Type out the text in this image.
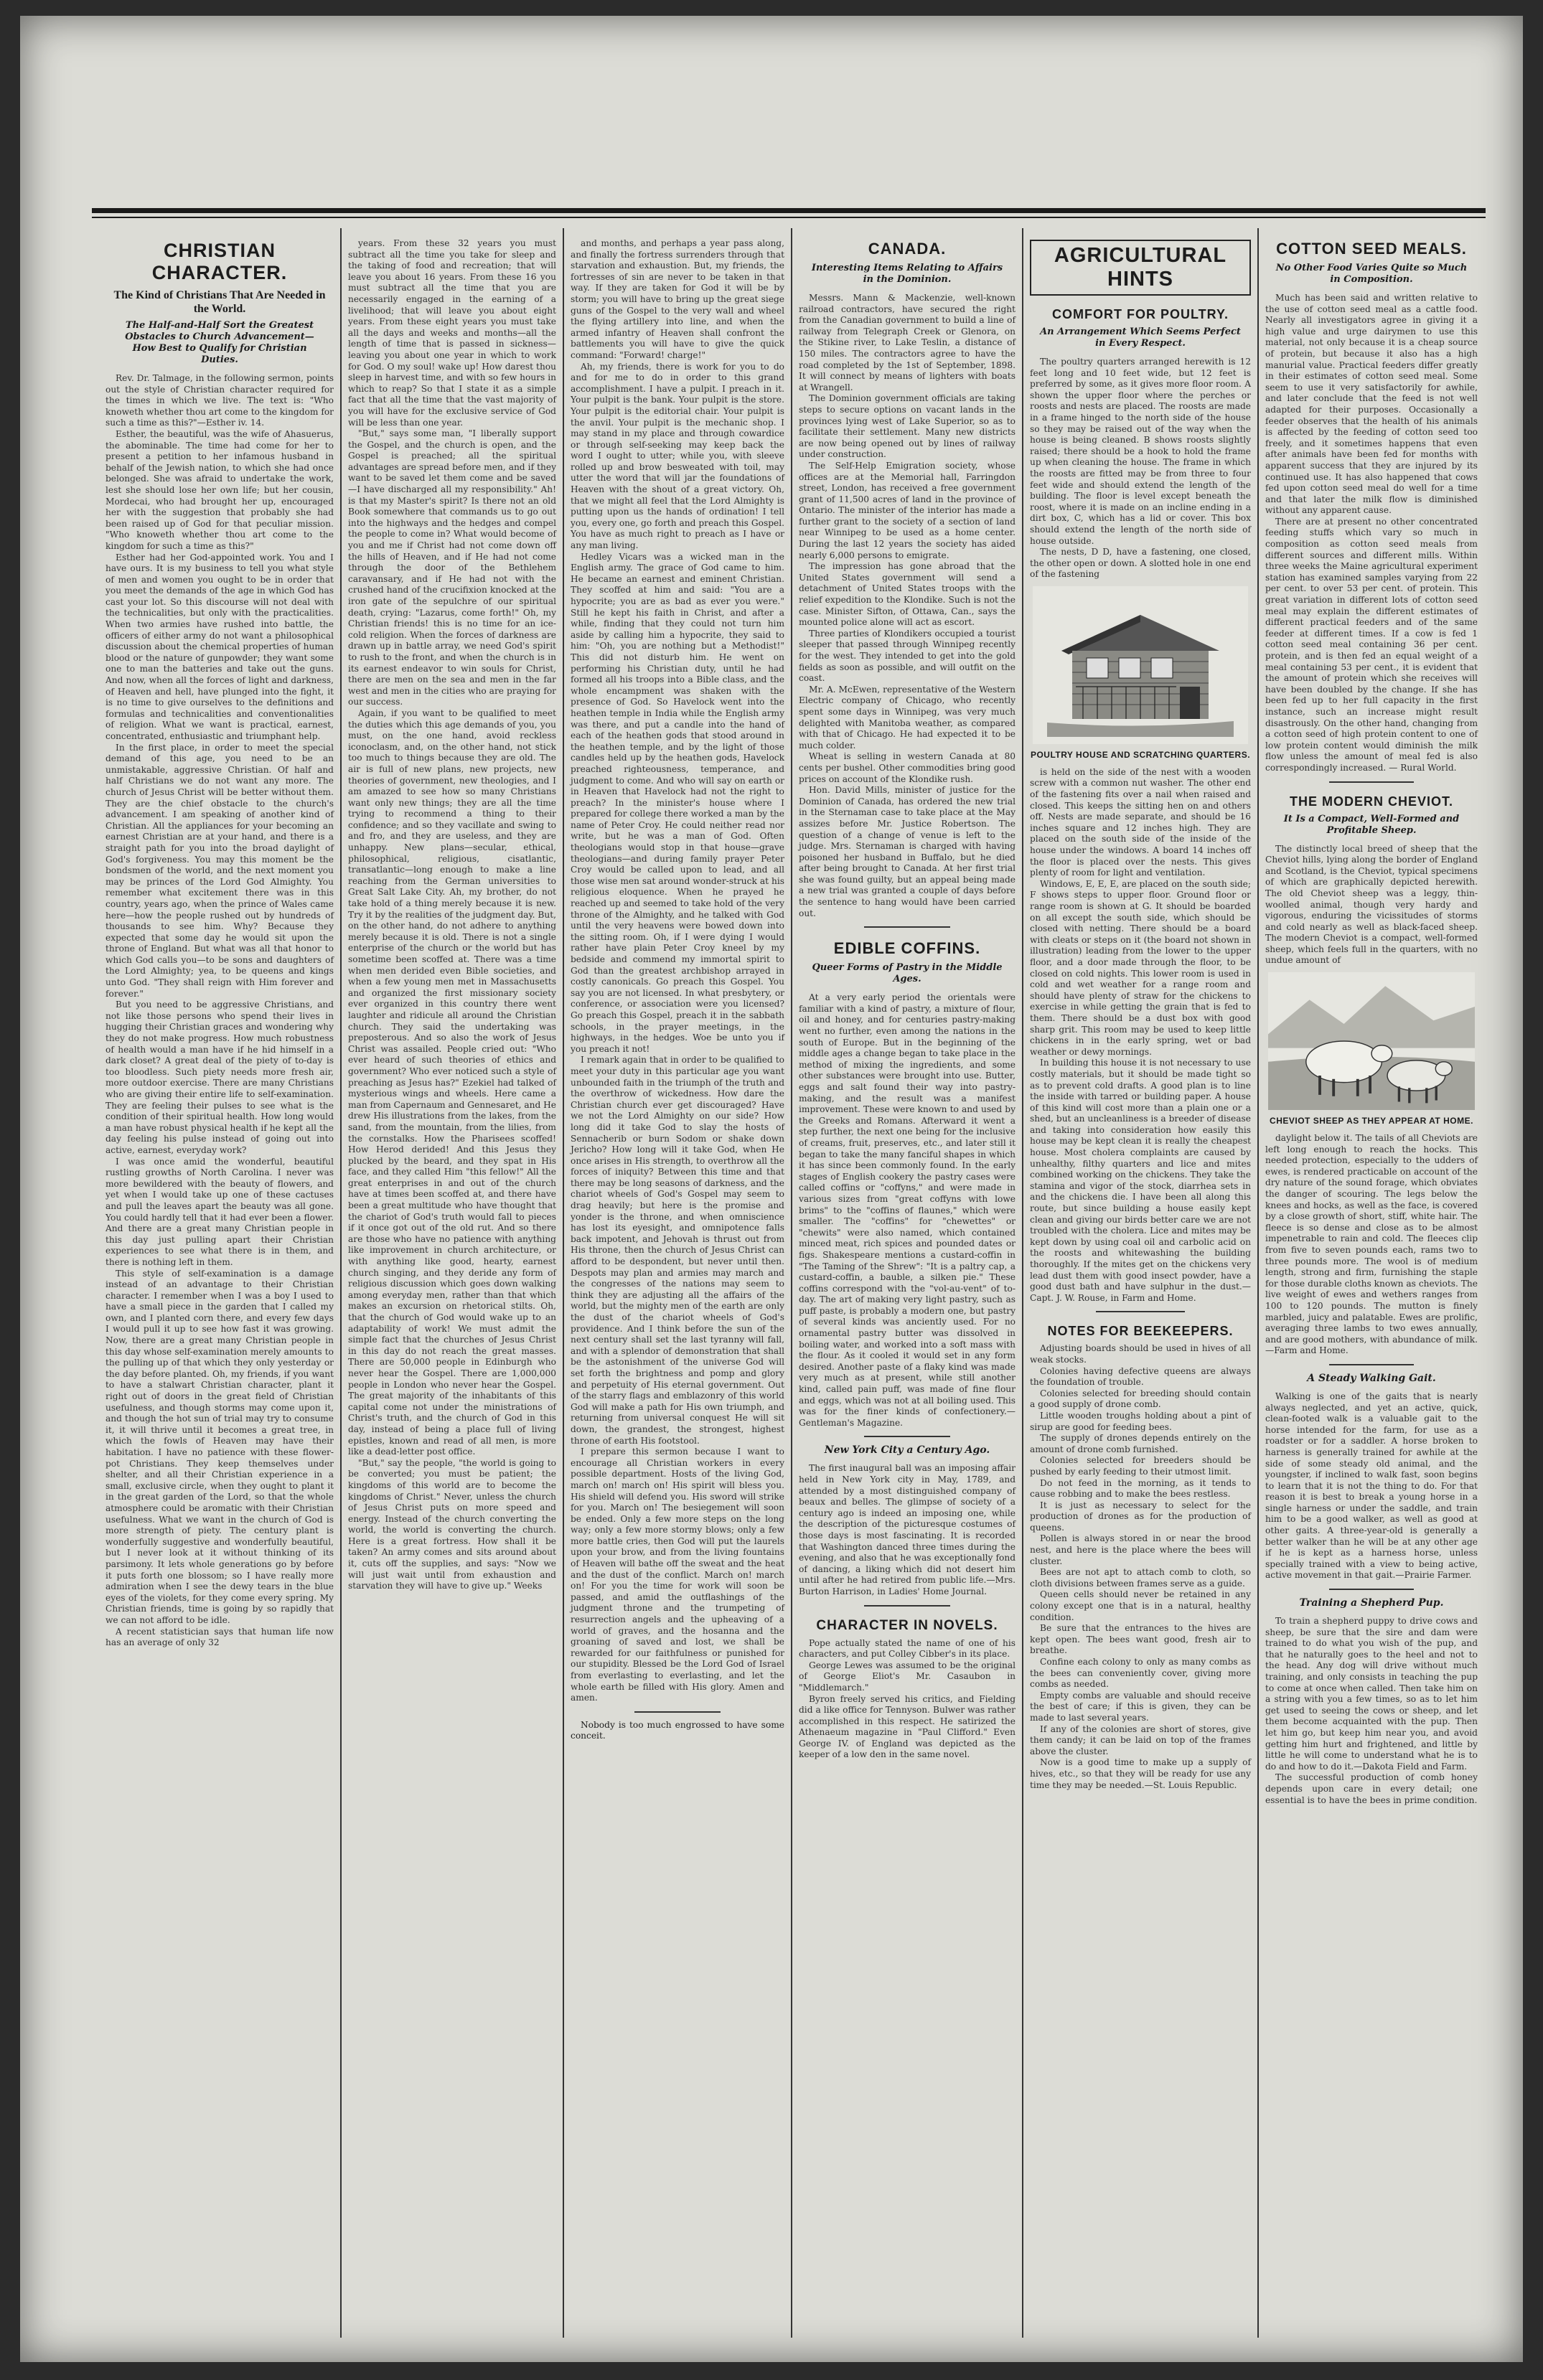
CHRISTIAN CHARACTER.
The Kind of Christians That Are Needed in the World.
The Half-and-Half Sort the Greatest Obstacles to Church Advancement—How Best to Qualify for Christian Duties.

Rev. Dr. Talmage, in the following sermon, points out the style of Christian character required for the times in which we live. The text is: "Who knoweth whether thou art come to the kingdom for such a time as this?"—Esther iv. 14.

Esther, the beautiful, was the wife of Ahasuerus, the abominable. The time had come for her to present a petition to her infamous husband in behalf of the Jewish nation, to which she had once belonged. She was afraid to undertake the work, lest she should lose her own life; but her cousin, Mordecai, who had brought her up, encouraged her with the suggestion that probably she had been raised up of God for that peculiar mission. "Who knoweth whether thou art come to the kingdom for such a time as this?"

Esther had her God-appointed work. You and I have ours. It is my business to tell you what style of men and women you ought to be in order that you meet the demands of the age in which God has cast your lot. So this discourse will not deal with the technicalities, but only with the practicalities. When two armies have rushed into battle, the officers of either army do not want a philosophical discussion about the chemical properties of human blood or the nature of gunpowder; they want some one to man the batteries and take out the guns. And now, when all the forces of light and darkness, of Heaven and hell, have plunged into the fight, it is no time to give ourselves to the definitions and formulas and technicalities and conventionalities of religion. What we want is practical, earnest, concentrated, enthusiastic and triumphant help.

In the first place, in order to meet the special demand of this age, you need to be an unmistakable, aggressive Christian. Of half and half Christians we do not want any more. The church of Jesus Christ will be better without them. They are the chief obstacle to the church's advancement. I am speaking of another kind of Christian. All the appliances for your becoming an earnest Christian are at your hand, and there is a straight path for you into the broad daylight of God's forgiveness. You may this moment be the bondsmen of the world, and the next moment you may be princes of the Lord God Almighty. You remember what excitement there was in this country, years ago, when the prince of Wales came here—how the people rushed out by hundreds of thousands to see him. Why? Because they expected that some day he would sit upon the throne of England. But what was all that honor to which God calls you—to be sons and daughters of the Lord Almighty; yea, to be queens and kings unto God. "They shall reign with Him forever and forever."

But you need to be aggressive Christians, and not like those persons who spend their lives in hugging their Christian graces and wondering why they do not make progress. How much robustness of health would a man have if he hid himself in a dark closet? A great deal of the piety of to-day is too bloodless. Such piety needs more fresh air, more outdoor exercise. There are many Christians who are giving their entire life to self-examination. They are feeling their pulses to see what is the condition of their spiritual health. How long would a man have robust physical health if he kept all the day feeling his pulse instead of going out into active, earnest, everyday work?

I was once amid the wonderful, beautiful rustling growths of North Carolina. I never was more bewildered with the beauty of flowers, and yet when I would take up one of these cactuses and pull the leaves apart the beauty was all gone. You could hardly tell that it had ever been a flower. And there are a great many Christian people in this day just pulling apart their Christian experiences to see what there is in them, and there is nothing left in them.

This style of self-examination is a damage instead of an advantage to their Christian character. I remember when I was a boy I used to have a small piece in the garden that I called my own, and I planted corn there, and every few days I would pull it up to see how fast it was growing. Now, there are a great many Christian people in this day whose self-examination merely amounts to the pulling up of that which they only yesterday or the day before planted. Oh, my friends, if you want to have a stalwart Christian character, plant it right out of doors in the great field of Christian usefulness, and though storms may come upon it, and though the hot sun of trial may try to consume it, it will thrive until it becomes a great tree, in which the fowls of Heaven may have their habitation. I have no patience with these flower-pot Christians. They keep themselves under shelter, and all their Christian experience in a small, exclusive circle, when they ought to plant it in the great garden of the Lord, so that the whole atmosphere could be aromatic with their Christian usefulness. What we want in the church of God is more strength of piety. The century plant is wonderfully suggestive and wonderfully beautiful, but I never look at it without thinking of its parsimony. It lets whole generations go by before it puts forth one blossom; so I have really more admiration when I see the dewy tears in the blue eyes of the violets, for they come every spring. My Christian friends, time is going by so rapidly that we can not afford to be idle.

A recent statistician says that human life now has an average of only 32

years. From these 32 years you must subtract all the time you take for sleep and the taking of food and recreation; that will leave you about 16 years. From these 16 you must subtract all the time that you are necessarily engaged in the earning of a livelihood; that will leave you about eight years. From these eight years you must take all the days and weeks and months—all the length of time that is passed in sickness—leaving you about one year in which to work for God. O my soul! wake up! How darest thou sleep in harvest time, and with so few hours in which to reap? So that I state it as a simple fact that all the time that the vast majority of you will have for the exclusive service of God will be less than one year.

"But," says some man, "I liberally support the Gospel, and the church is open, and the Gospel is preached; all the spiritual advantages are spread before men, and if they want to be saved let them come and be saved—I have discharged all my responsibility." Ah! is that my Master's spirit? Is there not an old Book somewhere that commands us to go out into the highways and the hedges and compel the people to come in? What would become of you and me if Christ had not come down off the hills of Heaven, and if He had not come through the door of the Bethlehem caravansary, and if He had not with the crushed hand of the crucifixion knocked at the iron gate of the sepulchre of our spiritual death, crying: "Lazarus, come forth!" Oh, my Christian friends! this is no time for an ice-cold religion. When the forces of darkness are drawn up in battle array, we need God's spirit to rush to the front, and when the church is in its earnest endeavor to win souls for Christ, there are men on the sea and men in the far west and men in the cities who are praying for our success.

Again, if you want to be qualified to meet the duties which this age demands of you, you must, on the one hand, avoid reckless iconoclasm, and, on the other hand, not stick too much to things because they are old. The air is full of new plans, new projects, new theories of government, new theologies, and I am amazed to see how so many Christians want only new things; they are all the time trying to recommend a thing to their confidence; and so they vacillate and swing to and fro, and they are useless, and they are unhappy. New plans—secular, ethical, philosophical, religious, cisatlantic, transatlantic—long enough to make a line reaching from the German universities to Great Salt Lake City. Ah, my brother, do not take hold of a thing merely because it is new. Try it by the realities of the judgment day. But, on the other hand, do not adhere to anything merely because it is old. There is not a single enterprise of the church or the world but has sometime been scoffed at. There was a time when men derided even Bible societies, and when a few young men met in Massachusetts and organized the first missionary society ever organized in this country there went laughter and ridicule all around the Christian church. They said the undertaking was preposterous. And so also the work of Jesus Christ was assailed. People cried out: "Who ever heard of such theories of ethics and government? Who ever noticed such a style of preaching as Jesus has?" Ezekiel had talked of mysterious wings and wheels. Here came a man from Capernaum and Gennesaret, and He drew His illustrations from the lakes, from the sand, from the mountain, from the lilies, from the cornstalks. How the Pharisees scoffed! How Herod derided! And this Jesus they plucked by the beard, and they spat in His face, and they called Him "this fellow!" All the great enterprises in and out of the church have at times been scoffed at, and there have been a great multitude who have thought that the chariot of God's truth would fall to pieces if it once got out of the old rut. And so there are those who have no patience with anything like improvement in church architecture, or with anything like good, hearty, earnest church singing, and they deride any form of religious discussion which goes down walking among everyday men, rather than that which makes an excursion on rhetorical stilts. Oh, that the church of God would wake up to an adaptability of work! We must admit the simple fact that the churches of Jesus Christ in this day do not reach the great masses. There are 50,000 people in Edinburgh who never hear the Gospel. There are 1,000,000 people in London who never hear the Gospel. The great majority of the inhabitants of this capital come not under the ministrations of Christ's truth, and the church of God in this day, instead of being a place full of living epistles, known and read of all men, is more like a dead-letter post office.

"But," say the people, "the world is going to be converted; you must be patient; the kingdoms of this world are to become the kingdoms of Christ." Never, unless the church of Jesus Christ puts on more speed and energy. Instead of the church converting the world, the world is converting the church. Here is a great fortress. How shall it be taken? An army comes and sits around about it, cuts off the supplies, and says: "Now we will just wait until from exhaustion and starvation they will have to give up." Weeks

and months, and perhaps a year pass along, and finally the fortress surrenders through that starvation and exhaustion. But, my friends, the fortresses of sin are never to be taken in that way. If they are taken for God it will be by storm; you will have to bring up the great siege guns of the Gospel to the very wall and wheel the flying artillery into line, and when the armed infantry of Heaven shall confront the battlements you will have to give the quick command: "Forward! charge!"

Ah, my friends, there is work for you to do and for me to do in order to this grand accomplishment. I have a pulpit. I preach in it. Your pulpit is the bank. Your pulpit is the store. Your pulpit is the editorial chair. Your pulpit is the anvil. Your pulpit is the mechanic shop. I may stand in my place and through cowardice or through self-seeking may keep back the word I ought to utter; while you, with sleeve rolled up and brow besweated with toil, may utter the word that will jar the foundations of Heaven with the shout of a great victory. Oh, that we might all feel that the Lord Almighty is putting upon us the hands of ordination! I tell you, every one, go forth and preach this Gospel. You have as much right to preach as I have or any man living.

Hedley Vicars was a wicked man in the English army. The grace of God came to him. He became an earnest and eminent Christian. They scoffed at him and said: "You are a hypocrite; you are as bad as ever you were." Still he kept his faith in Christ, and after a while, finding that they could not turn him aside by calling him a hypocrite, they said to him: "Oh, you are nothing but a Methodist!" This did not disturb him. He went on performing his Christian duty, until he had formed all his troops into a Bible class, and the whole encampment was shaken with the presence of God. So Havelock went into the heathen temple in India while the English army was there, and put a candle into the hand of each of the heathen gods that stood around in the heathen temple, and by the light of those candles held up by the heathen gods, Havelock preached righteousness, temperance, and judgment to come. And who will say on earth or in Heaven that Havelock had not the right to preach? In the minister's house where I prepared for college there worked a man by the name of Peter Croy. He could neither read nor write, but he was a man of God. Often theologians would stop in that house—grave theologians—and during family prayer Peter Croy would be called upon to lead, and all those wise men sat around wonder-struck at his religious eloquence. When he prayed he reached up and seemed to take hold of the very throne of the Almighty, and he talked with God until the very heavens were bowed down into the sitting room. Oh, if I were dying I would rather have plain Peter Croy kneel by my bedside and commend my immortal spirit to God than the greatest archbishop arrayed in costly canonicals. Go preach this Gospel. You say you are not licensed. In what presbytery, or conference, or association were you licensed? Go preach this Gospel, preach it in the sabbath schools, in the prayer meetings, in the highways, in the hedges. Woe be unto you if you preach it not!

I remark again that in order to be qualified to meet your duty in this particular age you want unbounded faith in the triumph of the truth and the overthrow of wickedness. How dare the Christian church ever get discouraged? Have we not the Lord Almighty on our side? How long did it take God to slay the hosts of Sennacherib or burn Sodom or shake down Jericho? How long will it take God, when He once arises in His strength, to overthrow all the forces of iniquity? Between this time and that there may be long seasons of darkness, and the chariot wheels of God's Gospel may seem to drag heavily; but here is the promise and yonder is the throne, and when omniscience has lost its eyesight, and omnipotence falls back impotent, and Jehovah is thrust out from His throne, then the church of Jesus Christ can afford to be despondent, but never until then. Despots may plan and armies may march and the congresses of the nations may seem to think they are adjusting all the affairs of the world, but the mighty men of the earth are only the dust of the chariot wheels of God's providence. And I think before the sun of the next century shall set the last tyranny will fall, and with a splendor of demonstration that shall be the astonishment of the universe God will set forth the brightness and pomp and glory and perpetuity of His eternal government. Out of the starry flags and emblazonry of this world God will make a path for His own triumph, and returning from universal conquest He will sit down, the grandest, the strongest, highest throne of earth His footstool.

I prepare this sermon because I want to encourage all Christian workers in every possible department. Hosts of the living God, march on! march on! His spirit will bless you. His shield will defend you. His sword will strike for you. March on! The besiegement will soon be ended. Only a few more steps on the long way; only a few more stormy blows; only a few more battle cries, then God will put the laurels upon your brow, and from the living fountains of Heaven will bathe off the sweat and the heat and the dust of the conflict. March on! march on! For you the time for work will soon be passed, and amid the outflashings of the judgment throne and the trumpeting of resurrection angels and the upheaving of a world of graves, and the hosanna and the groaning of saved and lost, we shall be rewarded for our faithfulness or punished for our stupidity. Blessed be the Lord God of Israel from everlasting to everlasting, and let the whole earth be filled with His glory. Amen and amen.

Nobody is too much engrossed to have some conceit.

CANADA.
Interesting Items Relating to Affairs in the Dominion.

Messrs. Mann & Mackenzie, well-known railroad contractors, have secured the right from the Canadian government to build a line of railway from Telegraph Creek or Glenora, on the Stikine river, to Lake Teslin, a distance of 150 miles. The contractors agree to have the road completed by the 1st of September, 1898. It will connect by means of lighters with boats at Wrangell.

The Dominion government officials are taking steps to secure options on vacant lands in the provinces lying west of Lake Superior, so as to facilitate their settlement. Many new districts are now being opened out by lines of railway under construction.

The Self-Help Emigration society, whose offices are at the Memorial hall, Farringdon street, London, has received a free government grant of 11,500 acres of land in the province of Ontario. The minister of the interior has made a further grant to the society of a section of land near Winnipeg to be used as a home center. During the last 12 years the society has aided nearly 6,000 persons to emigrate.

The impression has gone abroad that the United States government will send a detachment of United States troops with the relief expedition to the Klondike. Such is not the case. Minister Sifton, of Ottawa, Can., says the mounted police alone will act as escort.

Three parties of Klondikers occupied a tourist sleeper that passed through Winnipeg recently for the west. They intended to get into the gold fields as soon as possible, and will outfit on the coast.

Mr. A. McEwen, representative of the Western Electric company of Chicago, who recently spent some days in Winnipeg, was very much delighted with Manitoba weather, as compared with that of Chicago. He had expected it to be much colder.

Wheat is selling in western Canada at 80 cents per bushel. Other commodities bring good prices on account of the Klondike rush.

Hon. David Mills, minister of justice for the Dominion of Canada, has ordered the new trial in the Sternaman case to take place at the May assizes before Mr. Justice Robertson. The question of a change of venue is left to the judge. Mrs. Sternaman is charged with having poisoned her husband in Buffalo, but he died after being brought to Canada. At her first trial she was found guilty, but an appeal being made a new trial was granted a couple of days before the sentence to hang would have been carried out.

EDIBLE COFFINS.
Queer Forms of Pastry in the Middle Ages.

At a very early period the orientals were familiar with a kind of pastry, a mixture of flour, oil and honey, and for centuries pastry-making went no further, even among the nations in the south of Europe. But in the beginning of the middle ages a change began to take place in the method of mixing the ingredients, and some other substances were brought into use. Butter, eggs and salt found their way into pastry-making, and the result was a manifest improvement. These were known to and used by the Greeks and Romans. Afterward it went a step further, the next one being for the inclusive of creams, fruit, preserves, etc., and later still it began to take the many fanciful shapes in which it has since been commonly found. In the early stages of English cookery the pastry cases were called coffins or "coffyns," and were made in various sizes from "great coffyns with lowe brims" to the "coffins of flaunes," which were smaller. The "coffins" for "chewettes" or "chewits" were also named, which contained minced meat, rich spices and pounded dates or figs. Shakespeare mentions a custard-coffin in "The Taming of the Shrew": "It is a paltry cap, a custard-coffin, a bauble, a silken pie." These coffins correspond with the "vol-au-vent" of to-day. The art of making very light pastry, such as puff paste, is probably a modern one, but pastry of several kinds was anciently used. For no ornamental pastry butter was dissolved in boiling water, and worked into a soft mass with the flour. As it cooled it would set in any form desired. Another paste of a flaky kind was made very much as at present, while still another kind, called pain puff, was made of fine flour and eggs, which was not at all boiling used. This was for the finer kinds of confectionery.—Gentleman's Magazine.

New York City a Century Ago.

The first inaugural ball was an imposing affair held in New York city in May, 1789, and attended by a most distinguished company of beaux and belles. The glimpse of society of a century ago is indeed an imposing one, while the description of the picturesque costumes of those days is most fascinating. It is recorded that Washington danced three times during the evening, and also that he was exceptionally fond of dancing, a liking which did not desert him until after he had retired from public life.—Mrs. Burton Harrison, in Ladies' Home Journal.

CHARACTER IN NOVELS.

Pope actually stated the name of one of his characters, and put Colley Cibber's in its place.

George Lewes was assumed to be the original of George Eliot's Mr. Casaubon in "Middlemarch."

Byron freely served his critics, and Fielding did a like office for Tennyson. Bulwer was rather accomplished in this respect. He satirized the Athenaeum magazine in "Paul Clifford." Even George IV. of England was depicted as the keeper of a low den in the same novel.

AGRICULTURAL HINTS
COMFORT FOR POULTRY.
An Arrangement Which Seems Perfect in Every Respect.

The poultry quarters arranged herewith is 12 feet long and 10 feet wide, but 12 feet is preferred by some, as it gives more floor room. A shown the upper floor where the perches or roosts and nests are placed. The roosts are made in a frame hinged to the north side of the house so they may be raised out of the way when the house is being cleaned. B shows roosts slightly raised; there should be a hook to hold the frame up when cleaning the house. The frame in which the roosts are fitted may be from three to four feet wide and should extend the length of the building. The floor is level except beneath the roost, where it is made on an incline ending in a dirt box, C, which has a lid or cover. This box should extend the length of the north side of house outside.

The nests, D D, have a fastening, one closed, the other open or down. A slotted hole in one end of the fastening

POULTRY HOUSE AND SCRATCHING QUARTERS.

is held on the side of the nest with a wooden screw with a common nut washer. The other end of the fastening fits over a nail when raised and closed. This keeps the sitting hen on and others off. Nests are made separate, and should be 16 inches square and 12 inches high. They are placed on the south side of the inside of the house under the windows. A board 14 inches off the floor is placed over the nests. This gives plenty of room for light and ventilation.

Windows, E, E, E, are placed on the south side; F shows steps to upper floor. Ground floor or range room is shown at G. It should be boarded on all except the south side, which should be closed with netting. There should be a board with cleats or steps on it (the board not shown in illustration) leading from the lower to the upper floor, and a door made through the floor, to be closed on cold nights. This lower room is used in cold and wet weather for a range room and should have plenty of straw for the chickens to exercise in while getting the grain that is fed to them. There should be a dust box with good sharp grit. This room may be used to keep little chickens in in the early spring, wet or bad weather or dewy mornings.

In building this house it is not necessary to use costly materials, but it should be made tight so as to prevent cold drafts. A good plan is to line the inside with tarred or building paper. A house of this kind will cost more than a plain one or a shed, but an uncleanliness is a breeder of disease and taking into consideration how easily this house may be kept clean it is really the cheapest house. Most cholera complaints are caused by unhealthy, filthy quarters and lice and mites combined working on the chickens. They take the stamina and vigor of the stock, diarrhea sets in and the chickens die. I have been all along this route, but since building a house easily kept clean and giving our birds better care we are not troubled with the cholera. Lice and mites may be kept down by using coal oil and carbolic acid on the roosts and whitewashing the building thoroughly. If the mites get on the chickens very lead dust them with good insect powder, have a good dust bath and have sulphur in the dust.—Capt. J. W. Rouse, in Farm and Home.

NOTES FOR BEEKEEPERS.

Adjusting boards should be used in hives of all weak stocks.

Colonies having defective queens are always the foundation of trouble.

Colonies selected for breeding should contain a good supply of drone comb.

Little wooden troughs holding about a pint of sirup are good for feeding bees.

The supply of drones depends entirely on the amount of drone comb furnished.

Colonies selected for breeders should be pushed by early feeding to their utmost limit.

Do not feed in the morning, as it tends to cause robbing and to make the bees restless.

It is just as necessary to select for the production of drones as for the production of queens.

Pollen is always stored in or near the brood nest, and here is the place where the bees will cluster.

Bees are not apt to attach comb to cloth, so cloth divisions between frames serve as a guide.

Queen cells should never be retained in any colony except one that is in a natural, healthy condition.

Be sure that the entrances to the hives are kept open. The bees want good, fresh air to breathe.

Confine each colony to only as many combs as the bees can conveniently cover, giving more combs as needed.

Empty combs are valuable and should receive the best of care; if this is given, they can be made to last several years.

If any of the colonies are short of stores, give them candy; it can be laid on top of the frames above the cluster.

Now is a good time to make up a supply of hives, etc., so that they will be ready for use any time they may be needed.—St. Louis Republic.

COTTON SEED MEALS.
No Other Food Varies Quite so Much in Composition.

Much has been said and written relative to the use of cotton seed meal as a cattle food. Nearly all investigators agree in giving it a high value and urge dairymen to use this material, not only because it is a cheap source of protein, but because it also has a high manurial value. Practical feeders differ greatly in their estimates of cotton seed meal. Some seem to use it very satisfactorily for awhile, and later conclude that the feed is not well adapted for their purposes. Occasionally a feeder observes that the health of his animals is affected by the feeding of cotton seed too freely, and it sometimes happens that even after animals have been fed for months with apparent success that they are injured by its continued use. It has also happened that cows fed upon cotton seed meal do well for a time and that later the milk flow is diminished without any apparent cause.

There are at present no other concentrated feeding stuffs which vary so much in composition as cotton seed meals from different sources and different mills. Within three weeks the Maine agricultural experiment station has examined samples varying from 22 per cent. to over 53 per cent. of protein. This great variation in different lots of cotton seed meal may explain the different estimates of different practical feeders and of the same feeder at different times. If a cow is fed 1 cotton seed meal containing 36 per cent. protein, and is then fed an equal weight of a meal containing 53 per cent., it is evident that the amount of protein which she receives will have been doubled by the change. If she has been fed up to her full capacity in the first instance, such an increase might result disastrously. On the other hand, changing from a cotton seed of high protein content to one of low protein content would diminish the milk flow unless the amount of meal fed is also correspondingly increased. — Rural World.

THE MODERN CHEVIOT.
It Is a Compact, Well-Formed and Profitable Sheep.

The distinctly local breed of sheep that the Cheviot hills, lying along the border of England and Scotland, is the Cheviot, typical specimens of which are graphically depicted herewith. The old Cheviot sheep was a leggy, thin-woolled animal, though very hardy and vigorous, enduring the vicissitudes of storms and cold nearly as well as black-faced sheep. The modern Cheviot is a compact, well-formed sheep, which feels full in the quarters, with no undue amount of

CHEVIOT SHEEP AS THEY APPEAR AT HOME.

daylight below it. The tails of all Cheviots are left long enough to reach the hocks. This needed protection, especially to the udders of ewes, is rendered practicable on account of the dry nature of the sound forage, which obviates the danger of scouring. The legs below the knees and hocks, as well as the face, is covered by a close growth of short, stiff, white hair. The fleece is so dense and close as to be almost impenetrable to rain and cold. The fleeces clip from five to seven pounds each, rams two to three pounds more. The wool is of medium length, strong and firm, furnishing the staple for those durable cloths known as cheviots. The live weight of ewes and wethers ranges from 100 to 120 pounds. The mutton is finely marbled, juicy and palatable. Ewes are prolific, averaging three lambs to two ewes annually, and are good mothers, with abundance of milk.—Farm and Home.

A Steady Walking Gait.

Walking is one of the gaits that is nearly always neglected, and yet an active, quick, clean-footed walk is a valuable gait to the horse intended for the farm, for use as a roadster or for a saddler. A horse broken to harness is generally trained for awhile at the side of some steady old animal, and the youngster, if inclined to walk fast, soon begins to learn that it is not the thing to do. For that reason it is best to break a young horse in a single harness or under the saddle, and train him to be a good walker, as well as good at other gaits. A three-year-old is generally a better walker than he will be at any other age if he is kept as a harness horse, unless specially trained with a view to being active, active movement in that gait.—Prairie Farmer.

Training a Shepherd Pup.

To train a shepherd puppy to drive cows and sheep, be sure that the sire and dam were trained to do what you wish of the pup, and that he naturally goes to the heel and not to the head. Any dog will drive without much training, and only consists in teaching the pup to come at once when called. Then take him on a string with you a few times, so as to let him get used to seeing the cows or sheep, and let them become acquainted with the pup. Then let him go, but keep him near you, and avoid getting him hurt and frightened, and little by little he will come to understand what he is to do and how to do it.—Dakota Field and Farm.

The successful production of comb honey depends upon care in every detail; one essential is to have the bees in prime condition.
